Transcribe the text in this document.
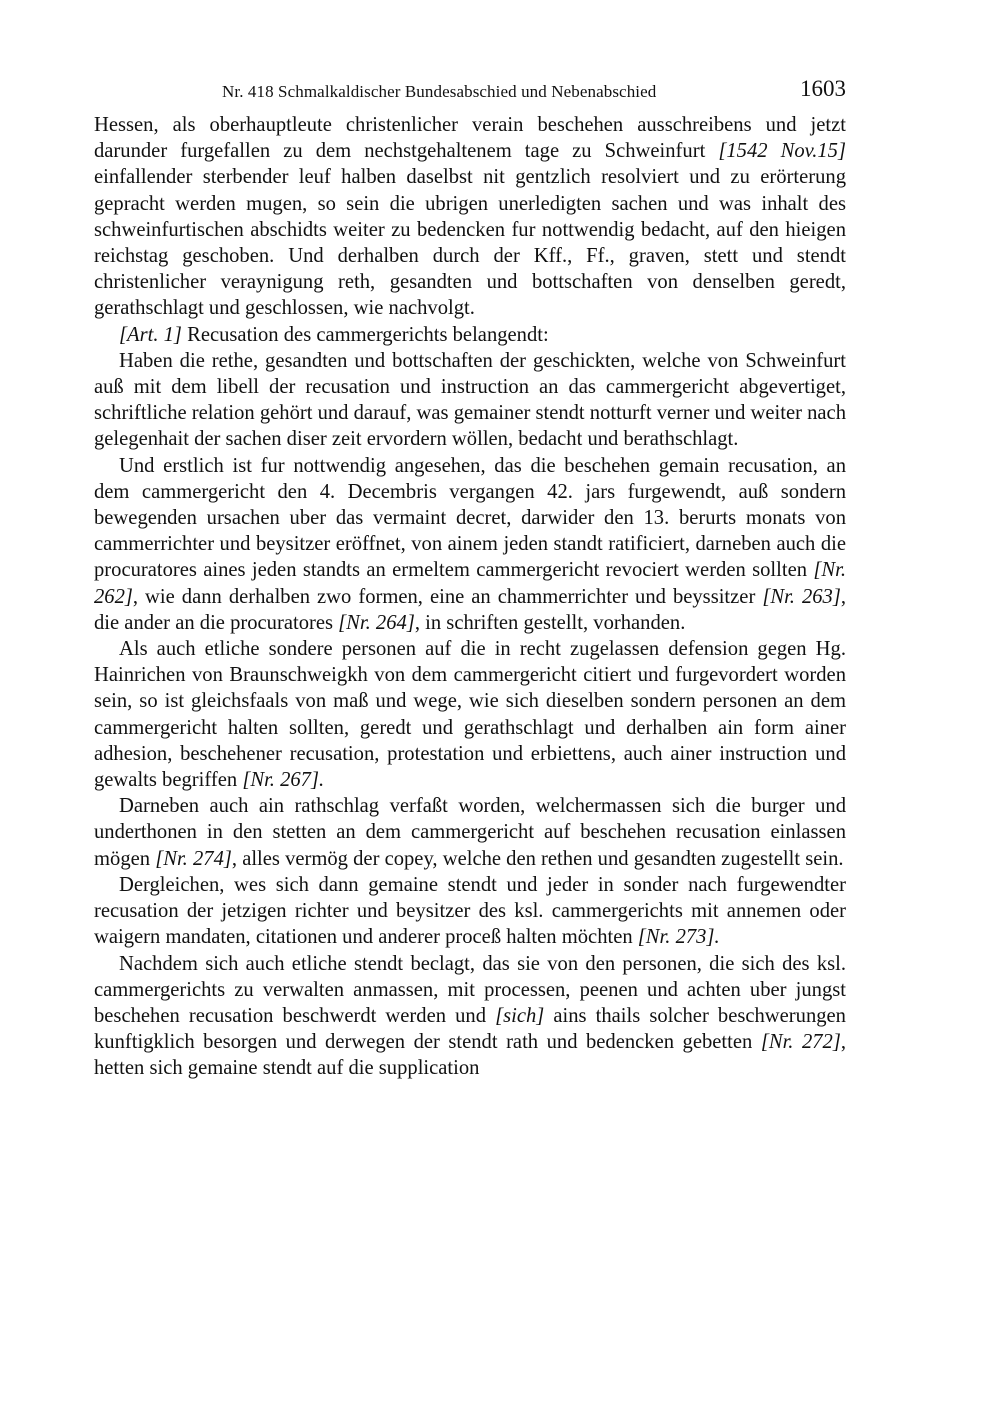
Nr. 418 Schmalkaldischer Bundesabschied und Nebenabschied	1603

Hessen, als oberhauptleute christenlicher verain beschehen ausschreibens und jetzt darunder furgefallen zu dem nechstgehaltenem tage zu Schweinfurt [1542 Nov.15] einfallender sterbender leuf halben daselbst nit gentzlich resolviert und zu erörterung gepracht werden mugen, so sein die ubrigen unerledigten sachen und was inhalt des schweinfurtischen abschidts weiter zu bedencken fur nottwendig bedacht, auf den hieigen reichstag geschoben. Und derhalben durch der Kff., Ff., graven, stett und stendt christenlicher veraynigung reth, gesandten und bottschaften von denselben geredt, gerathschlagt und geschlossen, wie nachvolgt.

[Art. 1] Recusation des cammergerichts belangendt:

Haben die rethe, gesandten und bottschaften der geschickten, welche von Schweinfurt auß mit dem libell der recusation und instruction an das cammergericht abgevertiget, schriftliche relation gehört und darauf, was gemainer stendt notturft verner und weiter nach gelegenhait der sachen diser zeit ervordern wöllen, bedacht und berathschlagt.

Und erstlich ist fur nottwendig angesehen, das die beschehen gemain recusation, an dem cammergericht den 4. Decembris vergangen 42. jars furgewendt, auß sondern bewegenden ursachen uber das vermaint decret, darwider den 13. berurts monats von cammerrichter und beysitzer eröffnet, von ainem jeden standt ratificiert, darneben auch die procuratores aines jeden standts an ermeltem cammergericht revociert werden sollten [Nr. 262], wie dann derhalben zwo formen, eine an chammerrichter und beyssitzer [Nr. 263], die ander an die procuratores [Nr. 264], in schriften gestellt, vorhanden.

Als auch etliche sondere personen auf die in recht zugelassen defension gegen Hg. Hainrichen von Braunschweigkh von dem cammergericht citiert und furgevordert worden sein, so ist gleichsfaals von maß und wege, wie sich dieselben sondern personen an dem cammergericht halten sollten, geredt und gerathschlagt und derhalben ain form ainer adhesion, beschehener recusation, protestation und erbiettens, auch ainer instruction und gewalts begriffen [Nr. 267].

Darneben auch ain rathschlag verfaßt worden, welchermassen sich die burger und underthonen in den stetten an dem cammergericht auf beschehen recusation einlassen mögen [Nr. 274], alles vermög der copey, welche den rethen und gesandten zugestellt sein.

Dergleichen, wes sich dann gemaine stendt und jeder in sonder nach furgewendter recusation der jetzigen richter und beysitzer des ksl. cammergerichts mit annemen oder waigern mandaten, citationen und anderer proceß halten möchten [Nr. 273].

Nachdem sich auch etliche stendt beclagt, das sie von den personen, die sich des ksl. cammergerichts zu verwalten anmassen, mit processen, peenen und achten uber jungst beschehen recusation beschwerdt werden und [sich] ains thails solcher beschwerungen kunftigklich besorgen und derwegen der stendt rath und bedencken gebetten [Nr. 272], hetten sich gemaine stendt auf die supplication
